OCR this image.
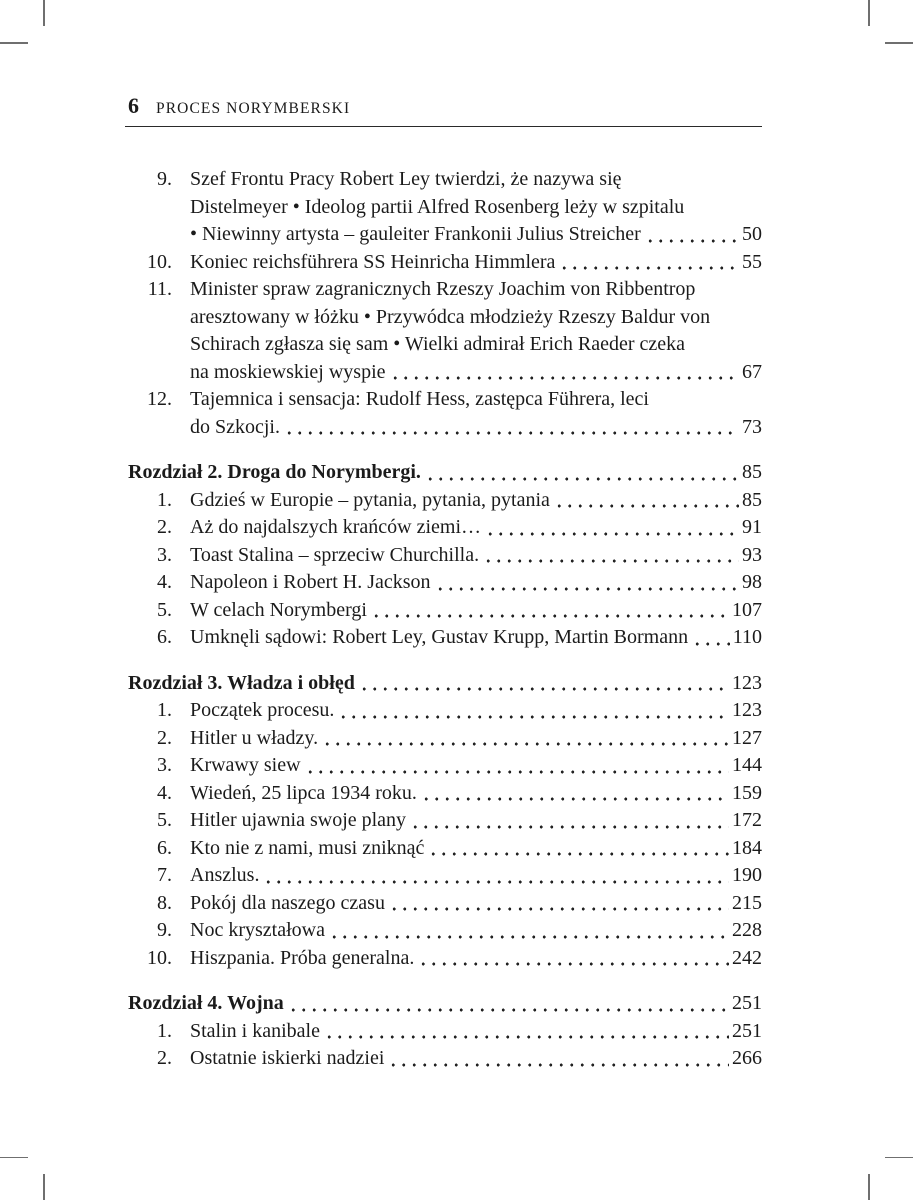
6 PROCES NORYMBERSKI
9. Szef Frontu Pracy Robert Ley twierdzi, że nazywa się
Distelmeyer • Ideolog partii Alfred Rosenberg leży w szpitalu
• Niewinny artysta – gauleiter Frankonii Julius Streicher	50
10. Koniec reichsführera SS Heinricha Himmlera	55
11. Minister spraw zagranicznych Rzeszy Joachim von Ribbentrop
aresztowany w łóżku • Przywódca młodzieży Rzeszy Baldur von
Schirach zgłasza się sam • Wielki admirał Erich Raeder czeka
na moskiewskiej wyspie	67
12. Tajemnica i sensacja: Rudolf Hess, zastępca Führera, leci
do Szkocji.	73
Rozdział 2. Droga do Norymbergi.	85
1. Gdzieś w Europie – pytania, pytania, pytania	85
2. Aż do najdalszych krańców ziemi…	91
3. Toast Stalina – sprzeciw Churchilla.	93
4. Napoleon i Robert H. Jackson	98
5. W celach Norymbergi	107
6. Umknęli sądowi: Robert Ley, Gustav Krupp, Martin Bormann 110
Rozdział 3. Władza i obłęd	123
1. Początek procesu.	123
2. Hitler u władzy.	127
3. Krwawy siew	144
4. Wiedeń, 25 lipca 1934 roku.	159
5. Hitler ujawnia swoje plany	172
6. Kto nie z nami, musi zniknąć	184
7. Anszlus.	190
8. Pokój dla naszego czasu	215
9. Noc kryształowa	228
10. Hiszpania. Próba generalna.	242
Rozdział 4. Wojna	251
1. Stalin i kanibale	251
2. Ostatnie iskierki nadziei	266
